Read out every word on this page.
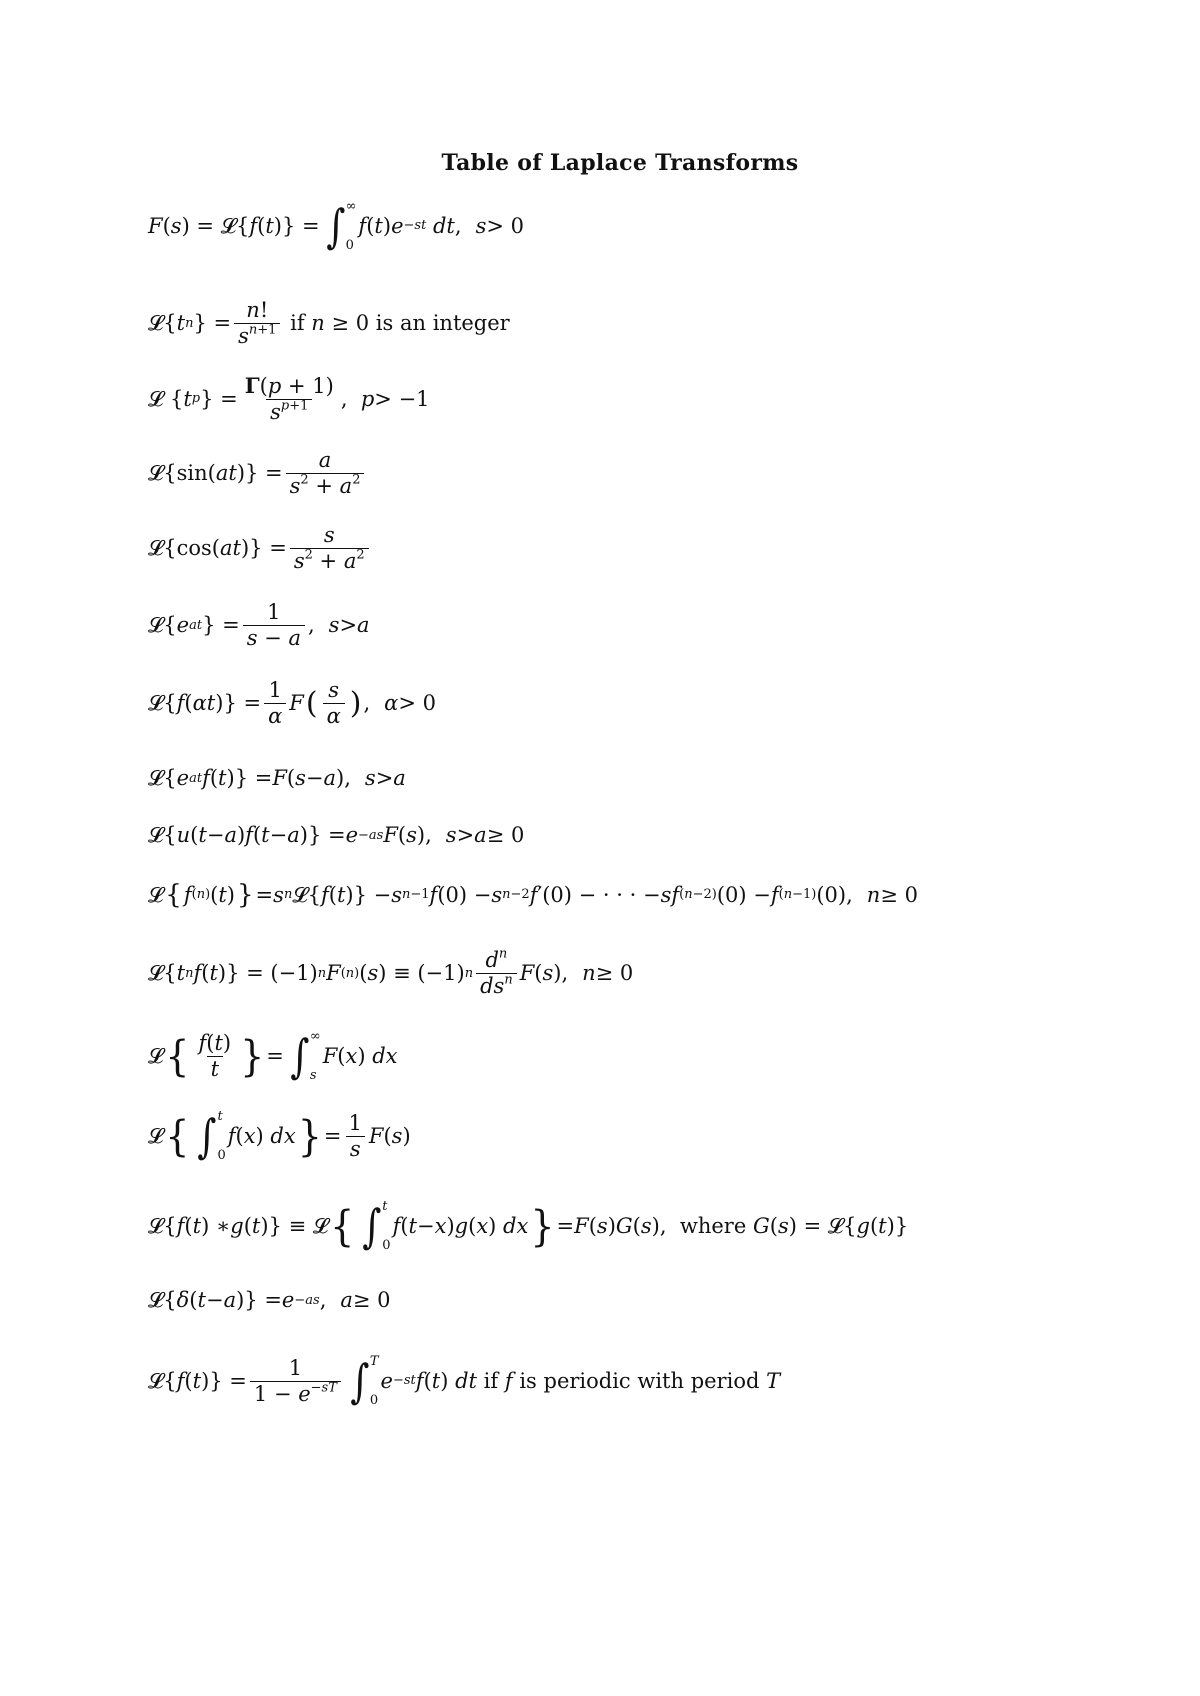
Table of Laplace Transforms
F ( s ) = 𝓛{ f ( t )} = ∫ ∞
0
f ( t ) e −st
dt , s > 0
𝓛{ t n } = $\frac{n!}{s^{n+1}}$
if n ≥ 0 is an integer
𝓛 { t p } = $\frac{\Gamma(p + 1)}{s^{p+1}}$ , p > −1
𝓛{sin( at )} = $\frac{a}{s^2 + a^2}$
𝓛{cos( at )} = $\frac{s}{s^2 + a^2}$
𝓛{ e at } = $\frac{1}{s - a}$ , s > a
𝓛{ f ( αt )} = $\frac{1}{\alpha}$ F ( $\frac{s}{\alpha}$ ) , α > 0
𝓛{ e at f ( t )} = F ( s − a ), s > a
𝓛{ u ( t − a ) f ( t − a )} = e −as F ( s ), s > a ≥ 0
𝓛 { f (n) ( t ) } = s n 𝓛{ f ( t )} − s n−1 f (0) − s n−2 f ′(0) − · · · − sf (n−2) (0) − f (n−1) (0), n ≥ 0
𝓛{ t n f ( t )} = (−1) n F (n) ( s ) ≡ (−1) n $\frac{d^n}{ds^n}$ F ( s ), n ≥ 0
𝓛 { $\frac{f(t)}{t}$ } = ∫ ∞
s
F ( x ) dx
𝓛 { ∫ t
0
f ( x ) dx } = $\frac{1}{s}$ F ( s )
𝓛{ f ( t ) ∗ g ( t )} ≡ 𝓛 { ∫ t
0
f ( t − x ) g ( x ) dx } = F ( s ) G ( s ), where
G ( s ) = 𝓛{ g ( t )}
𝓛{ δ ( t − a )} = e −as , a ≥ 0
𝓛{ f ( t )} = $\frac{1}{1 - e^{-sT}}$ ∫ T
0
e −st f ( t ) dt
if
f
is periodic with period
T
